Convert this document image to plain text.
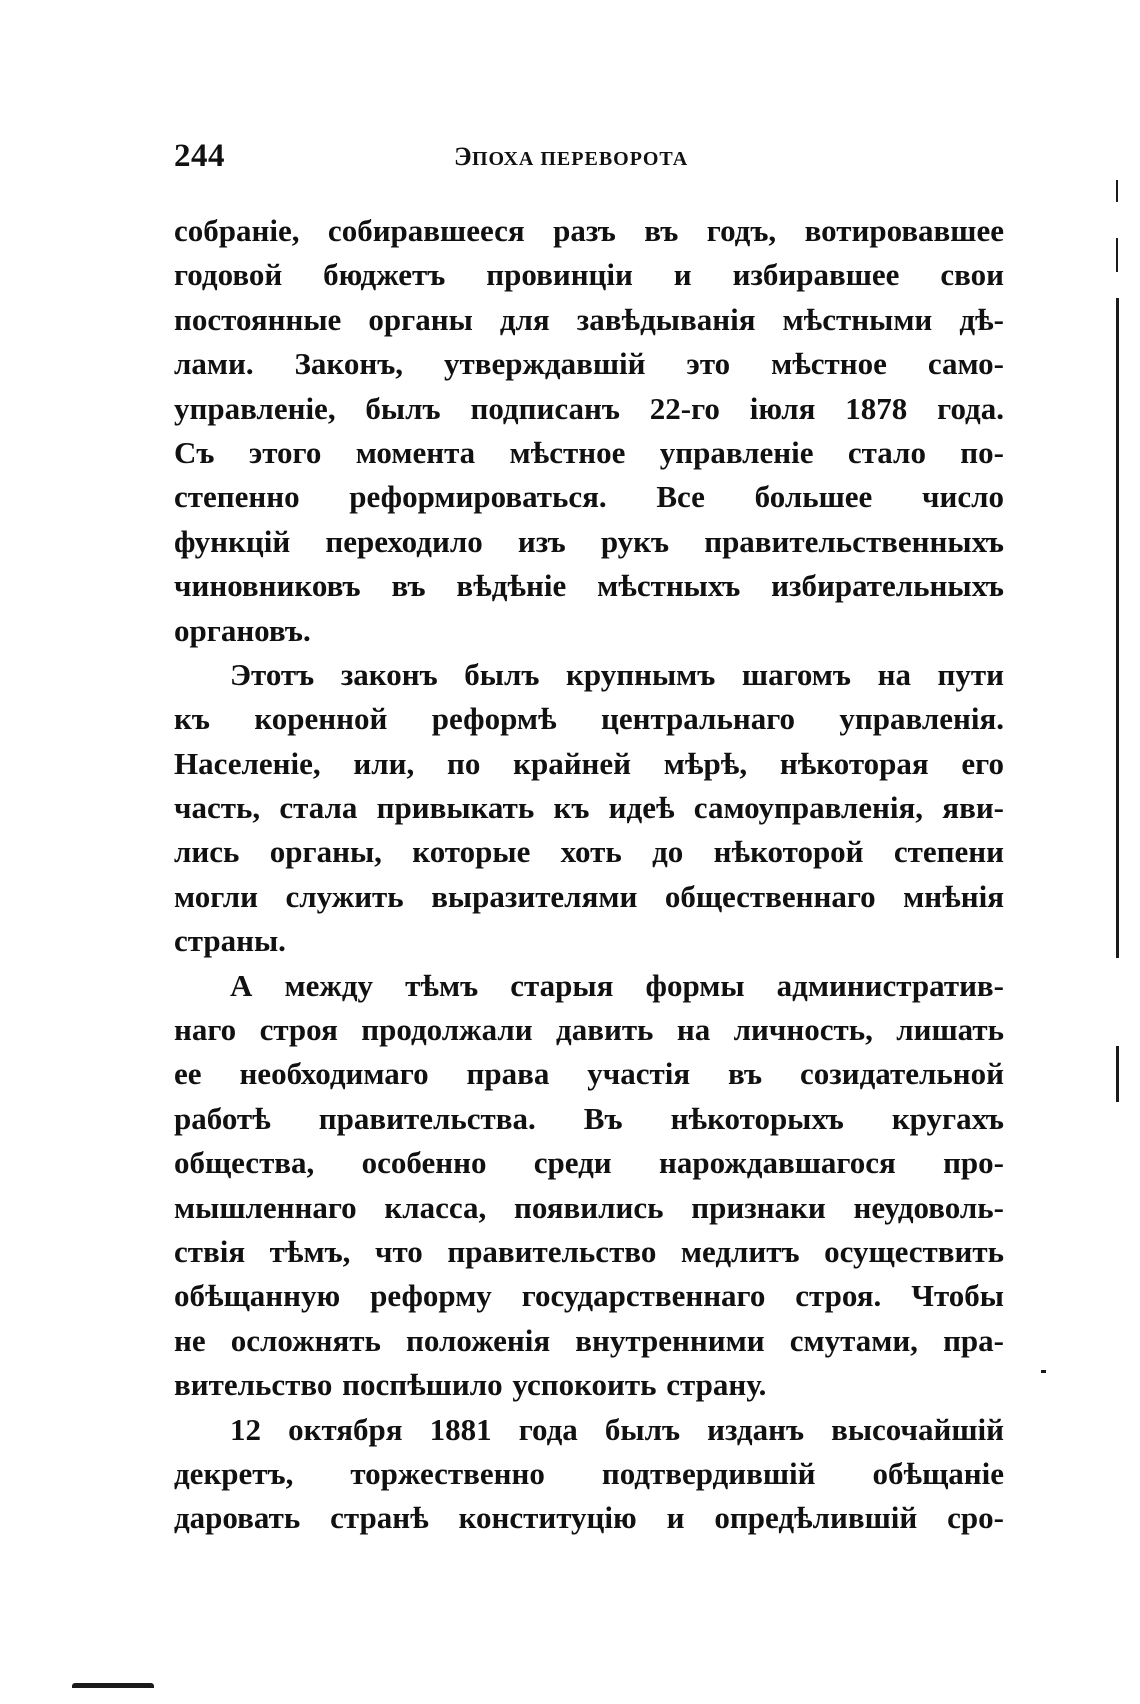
244	ЭПОХА ПЕРЕВОРОТА
собранiе, собиравшееся разъ въ годъ, вотировавшее
годовой бюджетъ провинцiи и избиравшее свои
постоянные органы для завѣдыванiя мѣстными дѣ-
лами. Законъ, утверждавшiй это мѣстное само-
управленiе, былъ подписанъ 22-го iюля 1878 года.
Съ этого момента мѣстное управленiе стало по-
степенно реформироваться. Все большее число
функцiй переходило изъ рукъ правительственныхъ
чиновниковъ въ вѣдѣнiе мѣстныхъ избирательныхъ
органовъ.
Этотъ законъ былъ крупнымъ шагомъ на пути
къ коренной реформѣ центральнаго управленiя.
Населенiе, или, по крайней мѣрѣ, нѣкоторая его
часть, стала привыкать къ идеѣ самоуправленiя, яви-
лись органы, которые хоть до нѣкоторой степени
могли служить выразителями общественнаго мнѣнiя
страны.
А между тѣмъ старыя формы административ-
наго строя продолжали давить на личность, лишать
ее необходимаго права участiя въ созидательной
работѣ правительства. Въ нѣкоторыхъ кругахъ
общества, особенно среди нарождавшагося про-
мышленнаго класса, появились признаки неудоволь-
ствiя тѣмъ, что правительство медлитъ осуществить
обѣщанную реформу государственнаго строя. Чтобы
не осложнять положенiя внутренними смутами, пра-
вительство поспѣшило успокоить страну.
12 октября 1881 года былъ изданъ высочайшiй
декретъ, торжественно подтвердившiй обѣщанiе
даровать странѣ конституцiю и опредѣлившiй сро-
